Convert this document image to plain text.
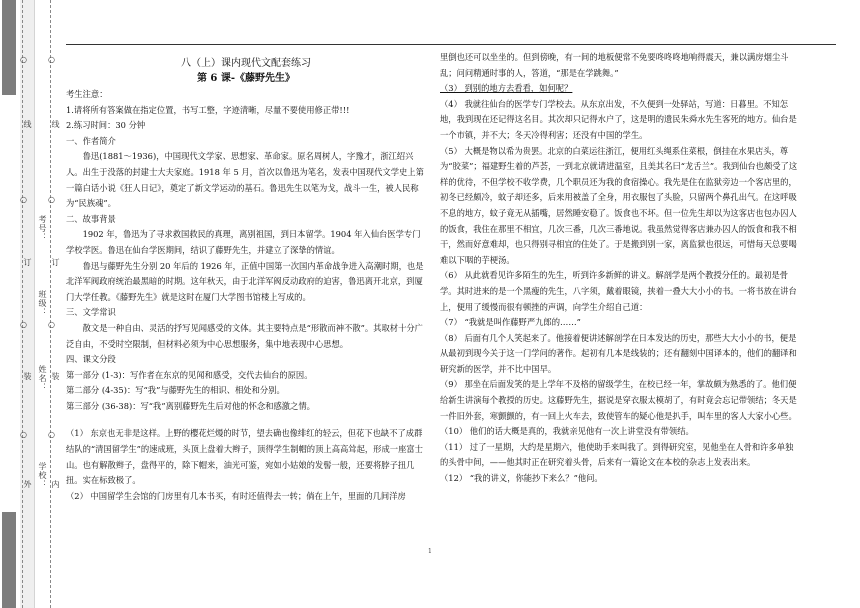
线
订
装
外
线
订
装
内
○
○
○
○
○
○
○
○
学校：
姓名：
班级：
考号：

八（上）课内现代文配套练习

第 6 课-《藤野先生》

考生注意：

1.请将所有答案做在指定位置，书写工整，字迹清晰，尽量不要使用修正带!!!

2.练习时间：30 分钟

一、作者简介

鲁迅(1881～1936)，中国现代文学家、思想家、革命家。原名周树人，字豫才，浙江绍兴 人。出生于没落的封建士大夫家庭。1918 年 5 月，首次以鲁迅为笔名，发表中国现代文学史上第一篇白话小说《狂人日记》，奠定了新文学运动的基石。鲁迅先生以笔为戈，战斗一生，被人民称为“民族魂”。

二、故事背景

1902 年，鲁迅为了寻求救国救民的真理，离别祖国，到日本留学。1904 年入仙台医学专门学校学医。鲁迅在仙台学医期间，结识了藤野先生，并建立了深挚的情谊。

鲁迅与藤野先生分别 20 年后的 1926 年，正值中国第一次国内革命战争进入高潮时期，也是北洋军阀政府统治最黑暗的时期。这年秋天，由于北洋军阀反动政府的迫害，鲁迅离开北京，到厦门大学任教。《藤野先生》就是这时在厦门大学图书馆楼上写成的。

三、文学常识

散文是一种自由、灵活的抒写见闻感受的文体。其主要特点是“形散而神不散”。其取材十分广泛自由，不受时空限制，但材料必须为中心思想服务，集中地表现中心思想。

四、课文分段

第一部分 (1-3)：写作者在东京的见闻和感受，交代去仙台的原因。

第二部分 (4-35)：写“我”与藤野先生的相识、相处和分别。

第三部分 (36-38)：写“我”离别藤野先生后对他的怀念和感激之情。

（1） 东京也无非是这样。上野的樱花烂熳的时节，望去确也像绯红的轻云，但花下也缺不了成群结队的“清国留学生”的速成班，头顶上盘着大辫子，顶得学生制帽的顶上高高耸起，形成一座富士山。也有解散辫子，盘得平的，除下帽来，油光可鉴，宛如小姑娘的发髻一般，还要将脖子扭几扭。实在标致极了。

（2） 中国留学生会馆的门房里有几本书买，有时还值得去一转；倘在上午，里面的几间洋房

里倒也还可以坐坐的。但到傍晚，有一间的地板便常不免要咚咚咚地响得震天，兼以满房烟尘斗乱；问问精通时事的人，答道，“那是在学跳舞。”

（3） 到别的地方去看看，如何呢？

（4） 我就往仙台的医学专门学校去。从东京出发，不久便到一处驿站，写道：日暮里。不知怎地，我到现在还记得这名目。其次却只记得水户了，这是明的遗民朱舜水先生客死的地方。仙台是一个市镇，并不大；冬天冷得利害；还没有中国的学生。

（5） 大概是物以希为贵罢。北京的白菜运往浙江，便用红头绳系住菜根，倒挂在水果店头，尊为“胶菜”；福建野生着的芦荟，一到北京就请进温室，且美其名曰“龙舌兰”。我到仙台也颇受了这样的优待，不但学校不收学费，几个职员还为我的食宿操心。我先是住在监狱旁边一个客店里的，初冬已经颇冷，蚊子却还多，后来用被盖了全身，用衣服包了头脸，只留两个鼻孔出气。在这呼吸不息的地方，蚊子竟无从插嘴，居然睡安稳了。饭食也不坏。但一位先生却以为这客店也包办囚人的饭食，我住在那里不相宜，几次三番，几次三番地说。我虽然觉得客店兼办囚人的饭食和我不相干，然而好意难却，也只得别寻相宜的住处了。于是搬到别一家，离监狱也很远，可惜每天总要喝难以下咽的芋梗汤。

（6） 从此就看见许多陌生的先生，听到许多新鲜的讲义。解剖学是两个教授分任的。最初是骨学。其时进来的是一个黑瘦的先生，八字须，戴着眼镜，挟着一叠大大小小的书。一将书放在讲台上，便用了缓慢而很有顿挫的声调，向学生介绍自己道：

（7） “我就是叫作藤野严九郎的……”

（8） 后面有几个人笑起来了。他接着便讲述解剖学在日本发达的历史，那些大大小小的书，便是从最初到现今关于这一门学问的著作。起初有几本是线装的；还有翻刻中国译本的，他们的翻译和研究新的医学，并不比中国早。

（9） 那坐在后面发笑的是上学年不及格的留级学生，在校已经一年，掌故颇为熟悉的了。他们便给新生讲演每个教授的历史。这藤野先生，据说是穿衣服太模胡了，有时竟会忘记带领结；冬天是一件旧外套，寒颤颤的，有一回上火车去，致使管车的疑心他是扒手，叫车里的客人大家小心些。

（10） 他们的话大概是真的，我就亲见他有一次上讲堂没有带领结。

（11） 过了一星期，大约是星期六，他使助手来叫我了。到得研究室，见他坐在人骨和许多单独的头骨中间，——他其时正在研究着头骨，后来有一篇论文在本校的杂志上发表出来。

（12） “我的讲义，你能抄下来么？”他问。

1
